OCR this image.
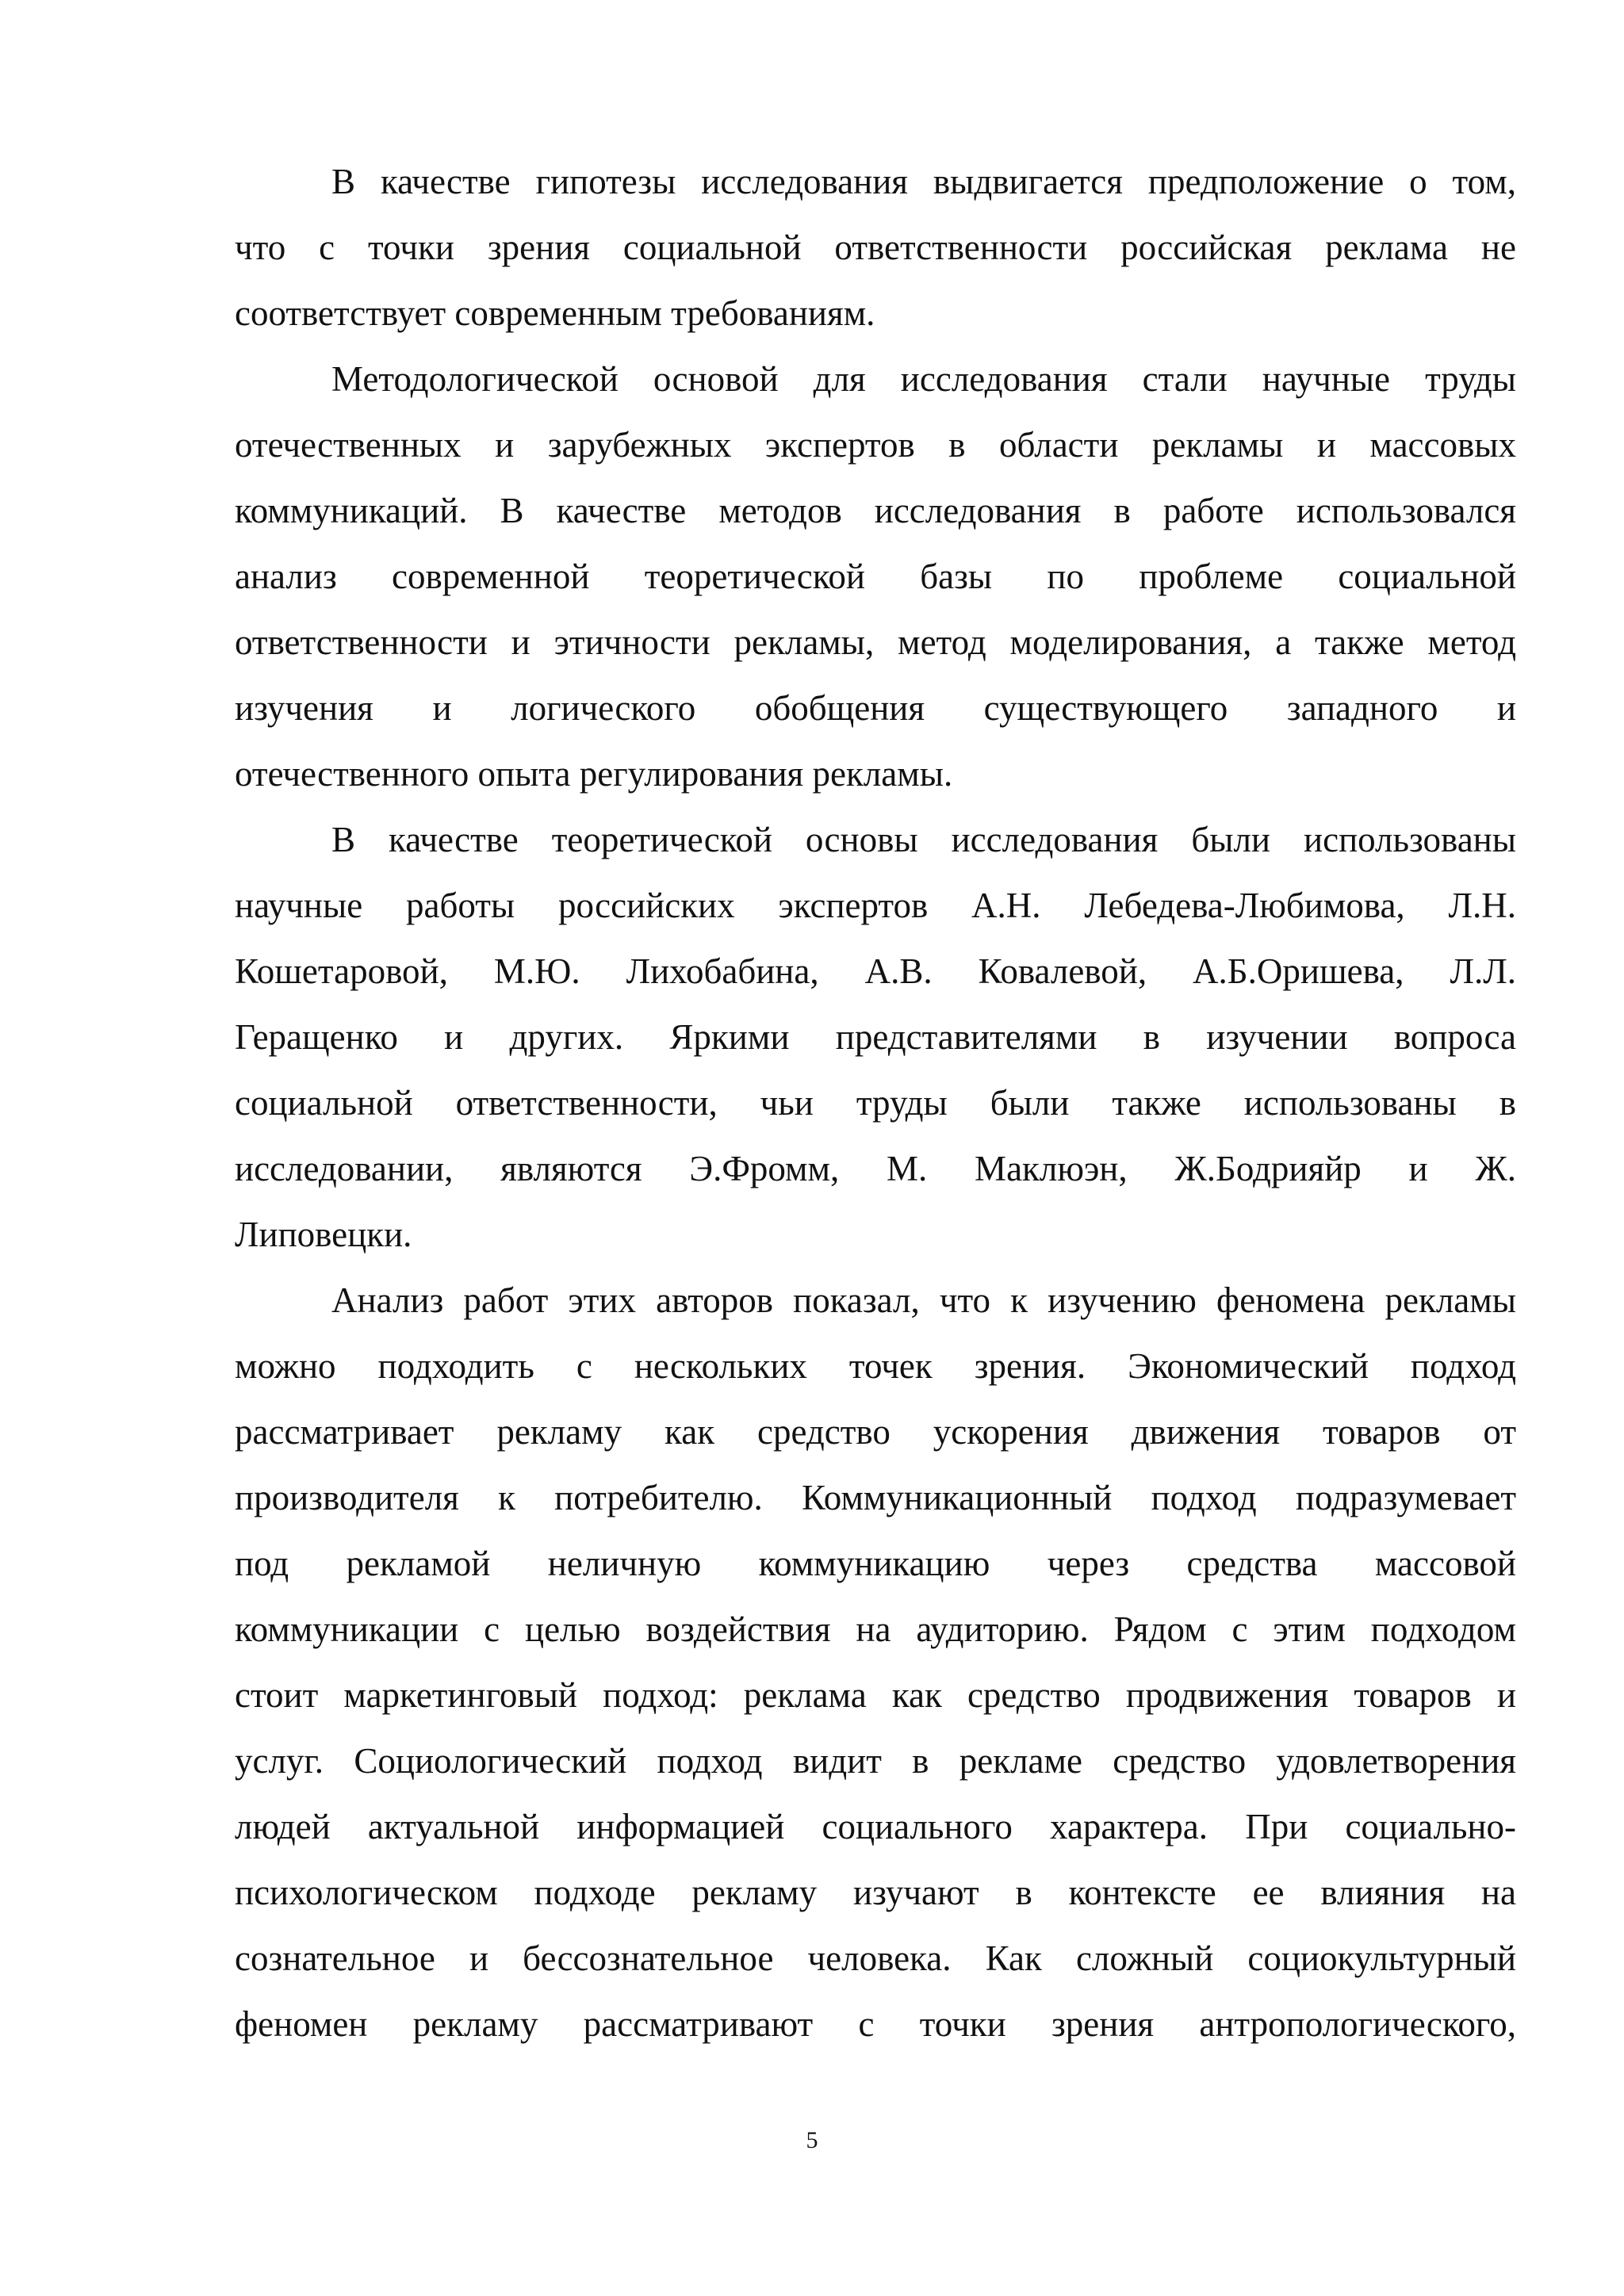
В качестве гипотезы исследования выдвигается предположение о том,
что с точки зрения социальной ответственности российская реклама не
соответствует современным требованиям.
Методологической основой для исследования стали научные труды
отечественных и зарубежных экспертов в области рекламы и массовых
коммуникаций. В качестве методов исследования в работе использовался
анализ современной теоретической базы по проблеме социальной
ответственности и этичности рекламы, метод моделирования, а также метод
изучения и логического обобщения существующего западного и
отечественного опыта регулирования рекламы.
В качестве теоретической основы исследования были использованы
научные работы российских экспертов А.Н. Лебедева-Любимова, Л.Н.
Кошетаровой, М.Ю. Лихобабина, А.В. Ковалевой, А.Б.Оришева, Л.Л.
Геращенко и других. Яркими представителями в изучении вопроса
социальной ответственности, чьи труды были также использованы в
исследовании, являются Э.Фромм, М. Маклюэн, Ж.Бодрияйр и Ж.
Липовецки.
Анализ работ этих авторов показал, что к изучению феномена рекламы
можно подходить с нескольких точек зрения. Экономический подход
рассматривает рекламу как средство ускорения движения товаров от
производителя к потребителю. Коммуникационный подход подразумевает
под рекламой неличную коммуникацию через средства массовой
коммуникации с целью воздействия на аудиторию. Рядом с этим подходом
стоит маркетинговый подход: реклама как средство продвижения товаров и
услуг. Социологический подход видит в рекламе средство удовлетворения
людей актуальной информацией социального характера. При социально-
психологическом подходе рекламу изучают в контексте ее влияния на
сознательное и бессознательное человека. Как сложный социокультурный
феномен рекламу рассматривают с точки зрения антропологического,
5
